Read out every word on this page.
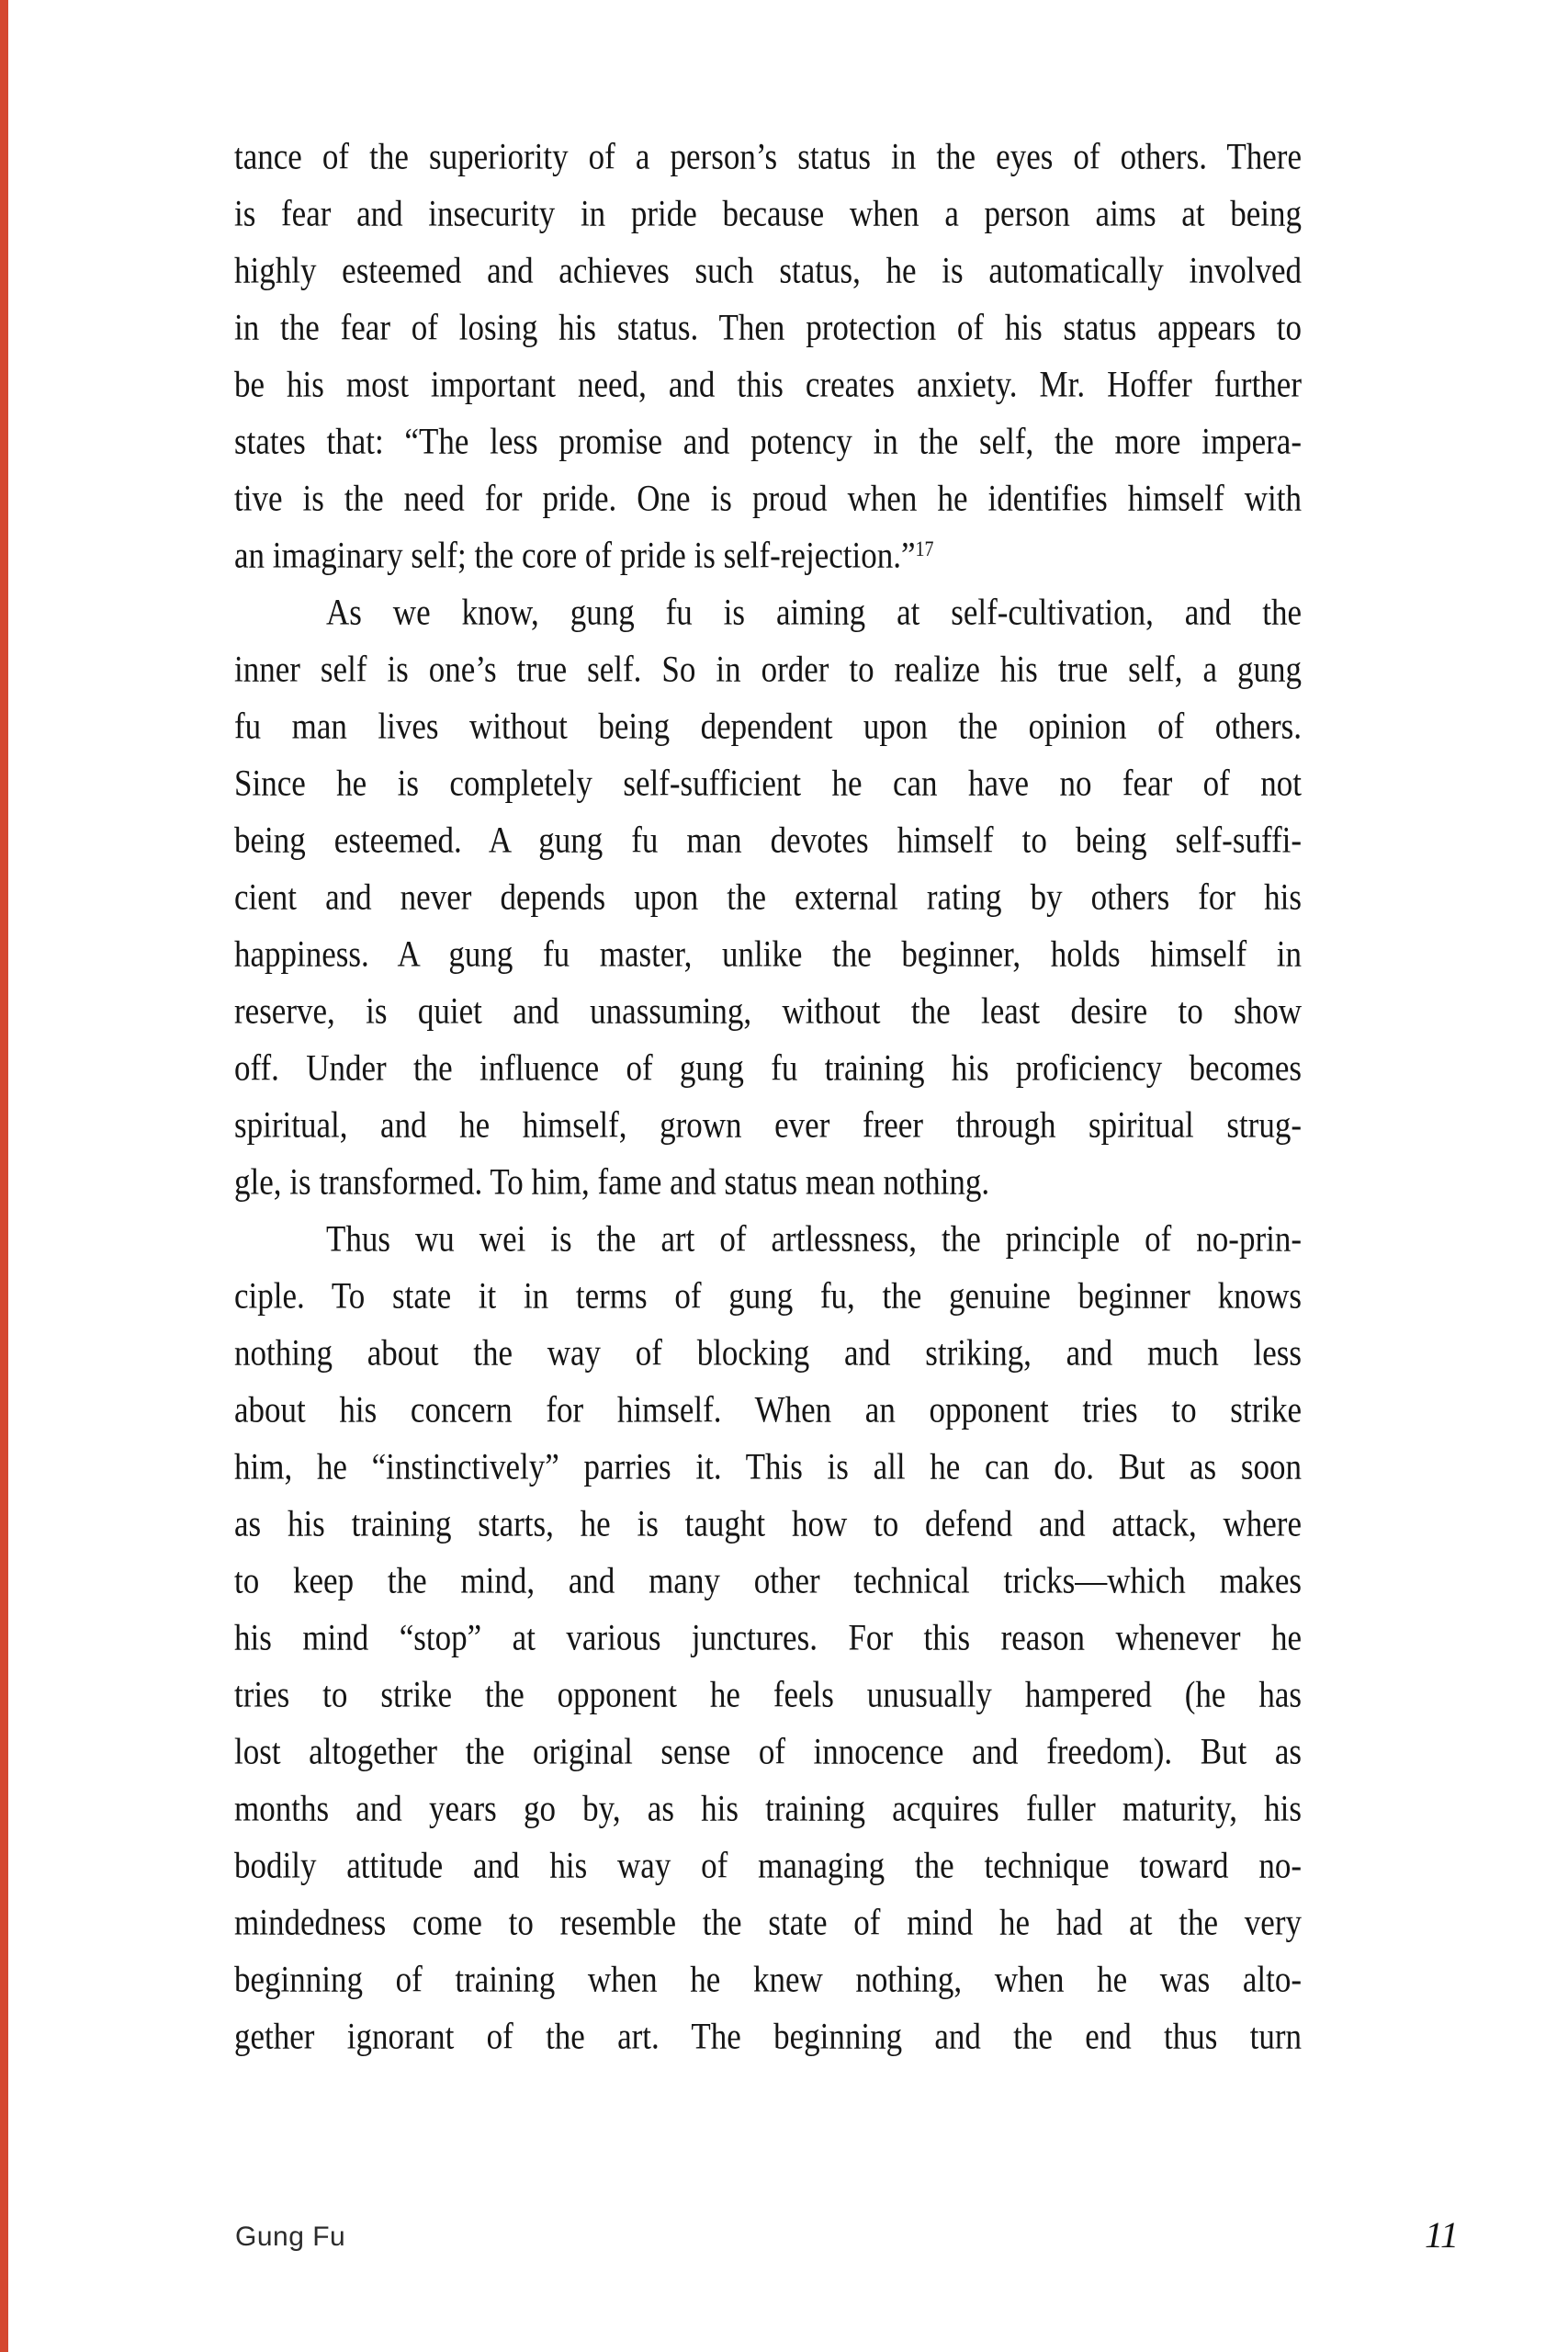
tance of the superiority of a person’s status in the eyes of others. There
is fear and insecurity in pride because when a person aims at being
highly esteemed and achieves such status, he is automatically involved
in the fear of losing his status. Then protection of his status appears to
be his most important need, and this creates anxiety. Mr. Hoffer further
states that: “The less promise and potency in the self, the more impera-
tive is the need for pride. One is proud when he identifies himself with
an imaginary self; the core of pride is self-rejection.”$^{17}$
As we know, gung fu is aiming at self-cultivation, and the
inner self is one’s true self. So in order to realize his true self, a gung
fu man lives without being dependent upon the opinion of others.
Since he is completely self-sufficient he can have no fear of not
being esteemed. A gung fu man devotes himself to being self-suffi-
cient and never depends upon the external rating by others for his
happiness. A gung fu master, unlike the beginner, holds himself in
reserve, is quiet and unassuming, without the least desire to show
off. Under the influence of gung fu training his proficiency becomes
spiritual, and he himself, grown ever freer through spiritual strug-
gle, is transformed. To him, fame and status mean nothing.
Thus wu wei is the art of artlessness, the principle of no-prin-
ciple. To state it in terms of gung fu, the genuine beginner knows
nothing about the way of blocking and striking, and much less
about his concern for himself. When an opponent tries to strike
him, he “instinctively” parries it. This is all he can do. But as soon
as his training starts, he is taught how to defend and attack, where
to keep the mind, and many other technical tricks—which makes
his mind “stop” at various junctures. For this reason whenever he
tries to strike the opponent he feels unusually hampered (he has
lost altogether the original sense of innocence and freedom). But as
months and years go by, as his training acquires fuller maturity, his
bodily attitude and his way of managing the technique toward no-
mindedness come to resemble the state of mind he had at the very
beginning of training when he knew nothing, when he was alto-
gether ignorant of the art. The beginning and the end thus turn
Gung Fu	11
